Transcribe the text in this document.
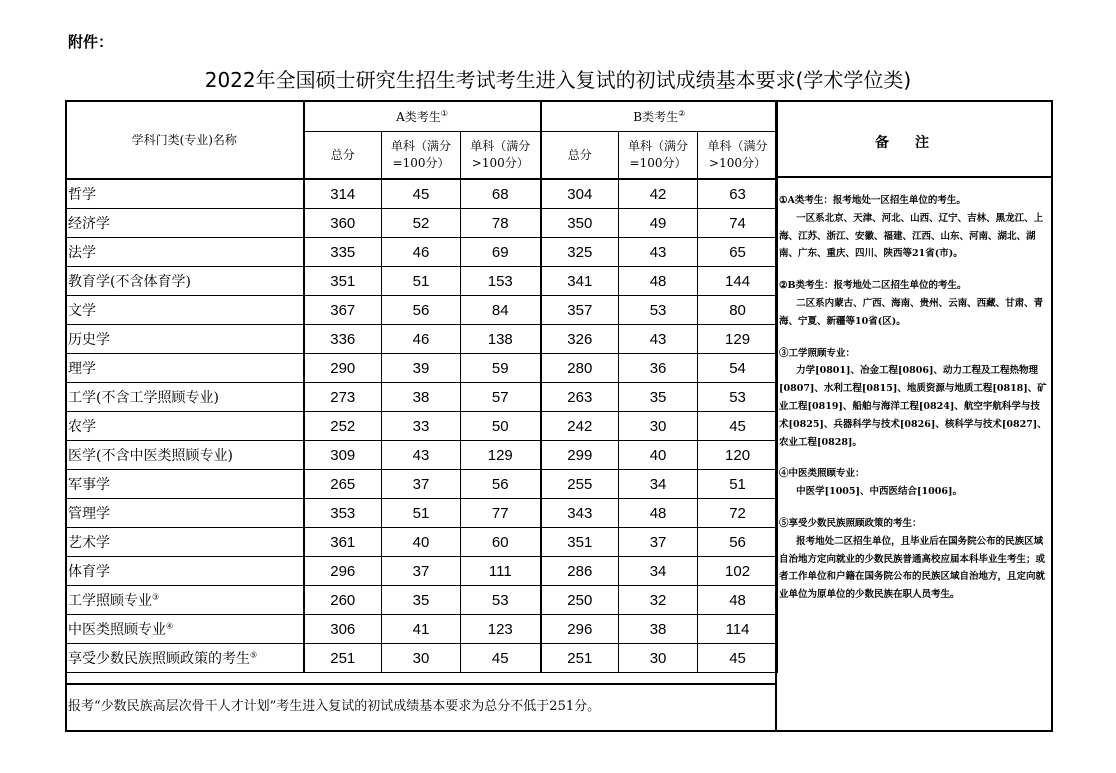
附件：
2022年全国硕士研究生招生考试考生进入复试的初试成绩基本要求(学术学位类)
学科门类(专业)名称	A类考生①			B类考生②
	总分	单科（满分=100分）	单科（满分>100分）	总分	单科（满分=100分）	单科（满分>100分）
哲学	314	45	68	304	42	63
经济学	360	52	78	350	49	74
法学	335	46	69	325	43	65
教育学(不含体育学)	351	51	153	341	48	144
文学	367	56	84	357	53	80
历史学	336	46	138	326	43	129
理学	290	39	59	280	36	54
工学(不含工学照顾专业)	273	38	57	263	35	53
农学	252	33	50	242	30	45
医学(不含中医类照顾专业)	309	43	129	299	40	120
军事学	265	37	56	255	34	51
管理学	353	51	77	343	48	72
艺术学	361	40	60	351	37	56
体育学	296	37	111	286	34	102
工学照顾专业③	260	35	53	250	32	48
中医类照顾专业④	306	41	123	296	38	114
享受少数民族照顾政策的考生⑤	251	30	45	251	30	45
报考“少数民族高层次骨干人才计划”考生进入复试的初试成绩基本要求为总分不低于251分。
备注

①A类考生：报考地处一区招生单位的考生。
一区系北京、天津、河北、山西、辽宁、吉林、黑龙江、上海、江苏、浙江、安徽、福建、江西、山东、河南、湖北、湖南、广东、重庆、四川、陕西等21省(市)。

②B类考生：报考地处二区招生单位的考生。
二区系内蒙古、广西、海南、贵州、云南、西藏、甘肃、青海、宁夏、新疆等10省(区)。

③工学照顾专业：
力学[0801]、冶金工程[0806]、动力工程及工程热物理[0807]、水利工程[0815]、地质资源与地质工程[0818]、矿业工程[0819]、船舶与海洋工程[0824]、航空宇航科学与技术[0825]、兵器科学与技术[0826]、核科学与技术[0827]、农业工程[0828]。

④中医类照顾专业：
中医学[1005]、中西医结合[1006]。

⑤享受少数民族照顾政策的考生：
报考地处二区招生单位，且毕业后在国务院公布的民族区域自治地方定向就业的少数民族普通高校应届本科毕业生考生；或者工作单位和户籍在国务院公布的民族区域自治地方，且定向就业单位为原单位的少数民族在职人员考生。
